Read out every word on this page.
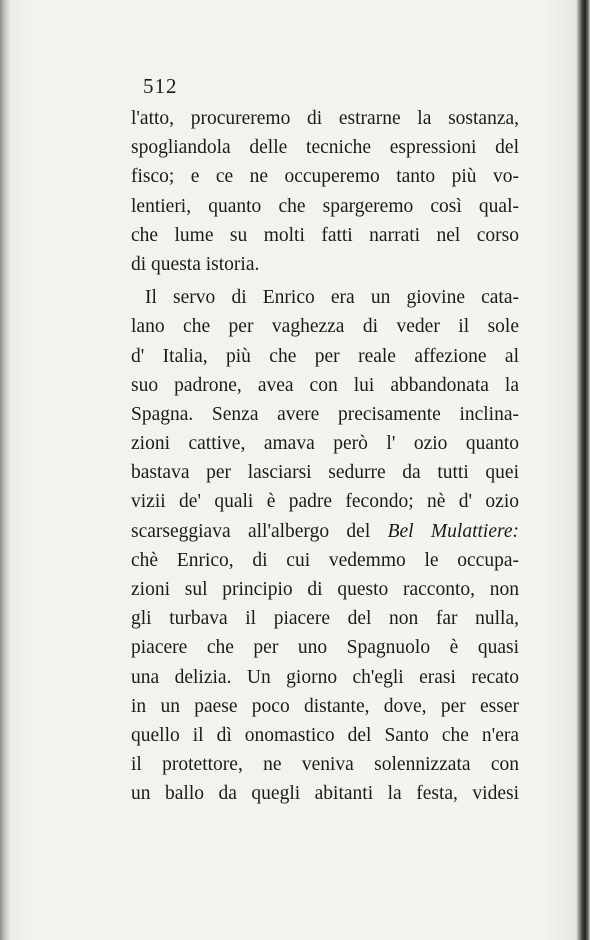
512
l'atto, procureremo di estrarne la sostanza,
spogliandola delle tecniche espressioni del
fisco; e ce ne occuperemo tanto più vo-
lentieri, quanto che spargeremo così qual-
che lume su molti fatti narrati nel corso
di questa istoria.
Il servo di Enrico era un giovine cata-
lano che per vaghezza di veder il sole
d' Italia, più che per reale affezione al
suo padrone, avea con lui abbandonata la
Spagna. Senza avere precisamente inclina-
zioni cattive, amava però l' ozio quanto
bastava per lasciarsi sedurre da tutti quei
vizii de' quali è padre fecondo; nè d' ozio
scarseggiava all'albergo del Bel Mulattiere:
chè Enrico, di cui vedemmo le occupa-
zioni sul principio di questo racconto, non
gli turbava il piacere del non far nulla,
piacere che per uno Spagnuolo è quasi
una delizia. Un giorno ch'egli erasi recato
in un paese poco distante, dove, per esser
quello il dì onomastico del Santo che n'era
il protettore, ne veniva solennizzata con
un ballo da quegli abitanti la festa, videsi
